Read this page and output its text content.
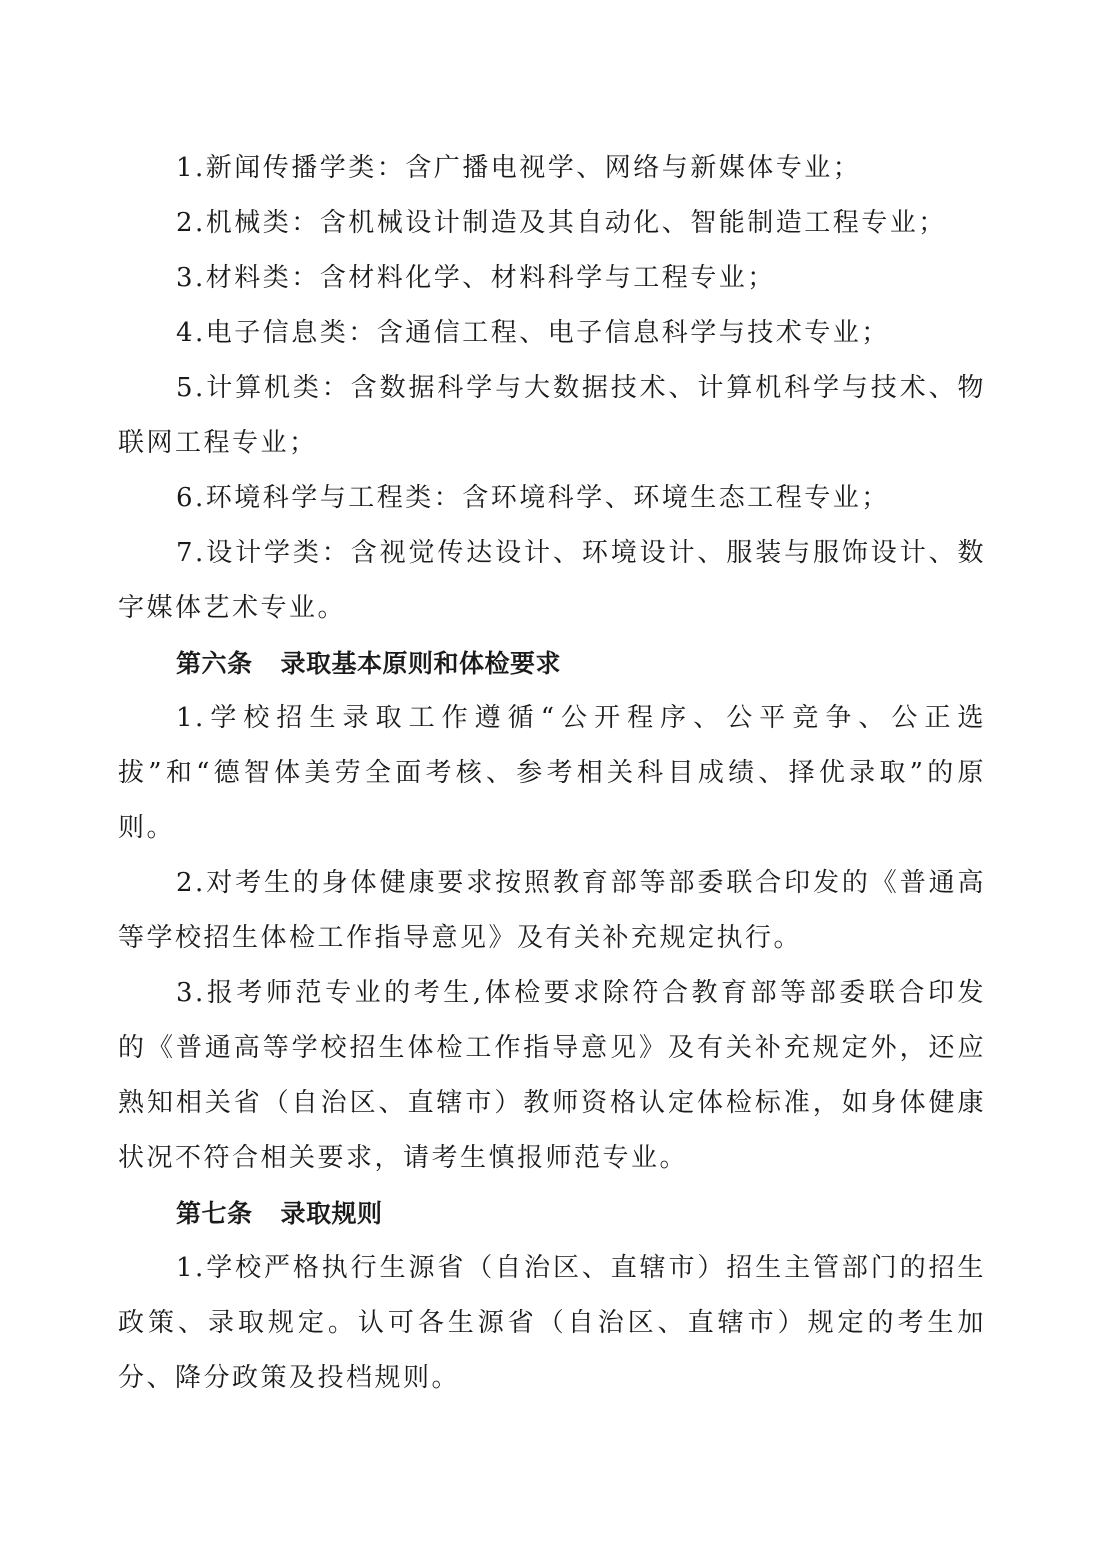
1.新闻传播学类：含广播电视学、网络与新媒体专业；

2.机械类：含机械设计制造及其自动化、智能制造工程专业；

3.材料类：含材料化学、材料科学与工程专业；

4.电子信息类：含通信工程、电子信息科学与技术专业；

5.计算机类：含数据科学与大数据技术、计算机科学与技术、物联网工程专业；

6.环境科学与工程类：含环境科学、环境生态工程专业；

7.设计学类：含视觉传达设计、环境设计、服装与服饰设计、数字媒体艺术专业。

第六条 录取基本原则和体检要求

1.学校招生录取工作遵循“公开程序、公平竞争、公正选拔”和“德智体美劳全面考核、参考相关科目成绩、择优录取”的原则。

2.对考生的身体健康要求按照教育部等部委联合印发的《普通高等学校招生体检工作指导意见》及有关补充规定执行。

3.报考师范专业的考生,体检要求除符合教育部等部委联合印发的《普通高等学校招生体检工作指导意见》及有关补充规定外，还应熟知相关省（自治区、直辖市）教师资格认定体检标准，如身体健康状况不符合相关要求，请考生慎报师范专业。

第七条 录取规则

1.学校严格执行生源省（自治区、直辖市）招生主管部门的招生政策、录取规定。认可各生源省（自治区、直辖市）规定的考生加分、降分政策及投档规则。
